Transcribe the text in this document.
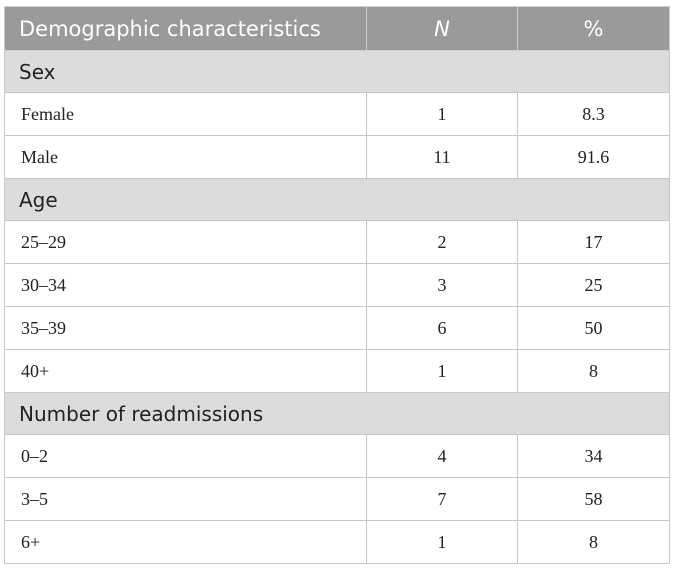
Demographic characteristics	N	%
Sex		
Female	1	8.3
Male	11	91.6
Age		
25–29	2	17
30–34	3	25
35–39	6	50
40+	1	8
Number of readmissions		
0–2	4	34
3–5	7	58
6+	1	8
